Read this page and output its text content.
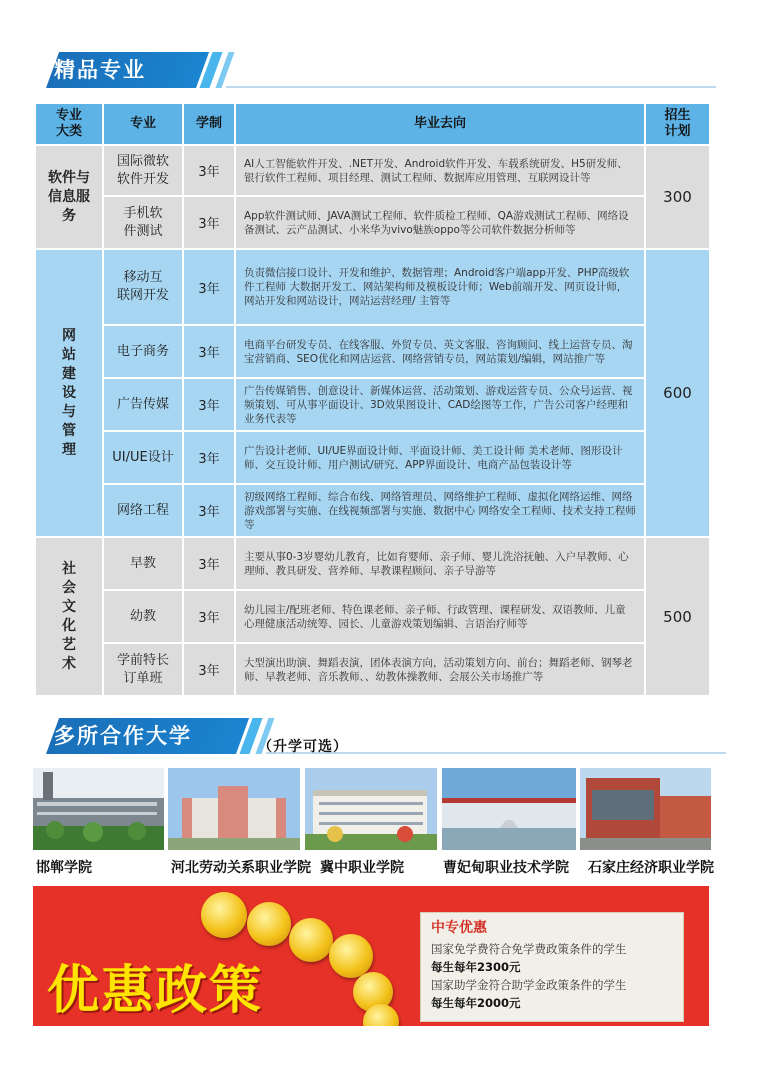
精品专业
专业
大类	专业	学制	毕业去向	招生
计划
软件与信息服务	国际微软
软件开发	3年	AI人工智能软件开发、.NET开发、Android软件开发、车载系统研发、H5研发师、银行软件工程师、项目经理、测试工程师、数据库应用管理、互联网设计等	300
	手机软
件测试	3年	App软件测试师、JAVA测试工程师、软件质检工程师、QA游戏测试工程师、网络设备测试、云产品测试、小米华为vivo魅族oppo等公司软件数据分析师等	
网站建设与管理	移动互
联网开发	3年	负责微信接口设计、开发和维护、数据管理；Android客户端app开发、PHP高级软件工程师 大数据开发工、网站架构师及模板设计师；Web前端开发、网页设计师，网站开发和网站设计，网站运营经理/ 主管等	600
	电子商务	3年	电商平台研发专员、在线客服、外贸专员、英文客服、咨询顾问、线上运营专员、淘宝营销商、SEO优化和网店运营、网络营销专员，网站策划/编辑，网站推广等	
	广告传媒	3年	广告传媒销售、创意设计、新媒体运营、活动策划、游戏运营专员、公众号运营、视频策划、可从事平面设计、3D效果图设计、CAD绘图等工作，广告公司客户经理和业务代表等	
	UI/UE设计	3年	广告设计老师、UI/UE界面设计师、平面设计师、美工设计师 美术老师、图形设计师、交互设计师、用户测试/研究、APP界面设计、电商产品包装设计等	
	网络工程	3年	初级网络工程师、综合布线、网络管理员、网络维护工程师、虚拟化网络运维、网络游戏部署与实施、在线视频部署与实施、数据中心 网络安全工程师、技术支持工程师等	
社会文化艺术	早教	3年	主要从事0-3岁婴幼儿教育，比如育婴师、亲子师、婴儿洗浴抚触、入户早教师、心理师、教具研发、营养师、早教课程顾问、亲子导游等	500
	幼教	3年	幼儿园主/配班老师、特色课老师、亲子师、行政管理、课程研发、双语教师、儿童心理健康活动统筹、园长、儿童游戏策划编辑、言语治疗师等	
	学前特长
订单班	3年	大型演出助演、舞蹈表演，团体表演方向，活动策划方向、前台；舞蹈老师、钢琴老师、早教老师、音乐教师、、幼教体操教师、会展公关市场推广等	
多所合作大学	（升学可选）
邯郸学院	河北劳动关系职业学院 冀中职业学院	曹妃甸职业技术学院 石家庄经济职业学院
优惠政策
中专优惠
国家免学费符合免学费政策条件的学生
每生每年2300元
国家助学金符合助学金政策条件的学生
每生每年2000元
